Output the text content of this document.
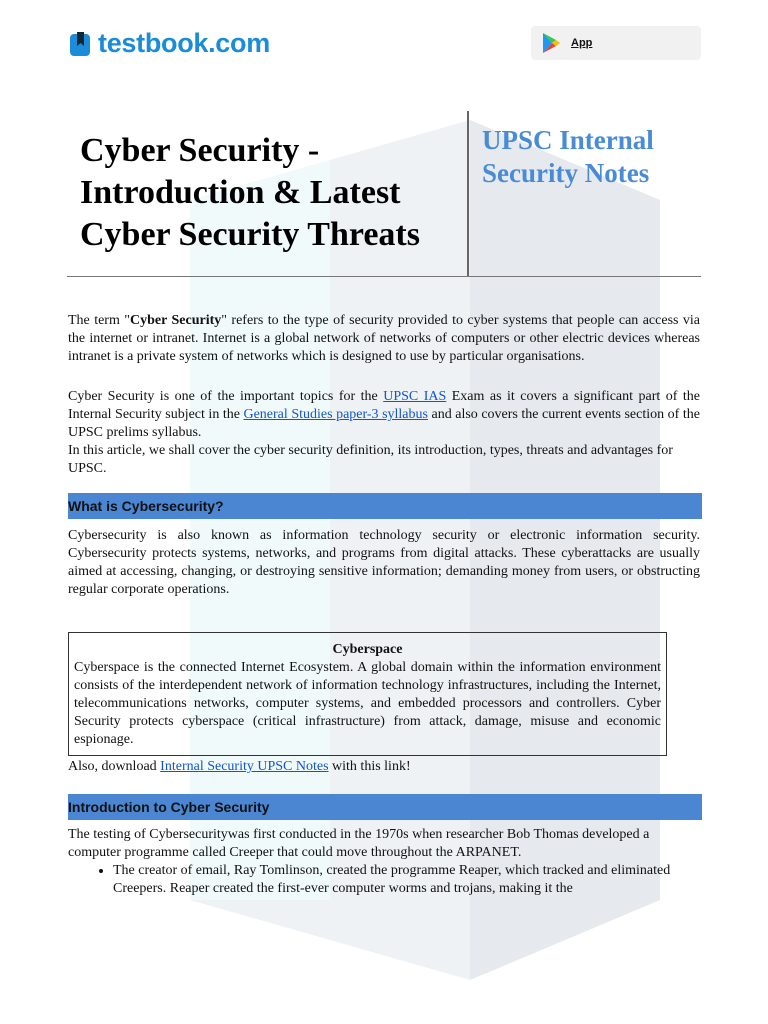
testbook.com	App
Cyber Security - Introduction & Latest Cyber Security Threats
UPSC Internal Security Notes

The term "Cyber Security" refers to the type of security provided to cyber systems that people can access via the internet or intranet. Internet is a global network of networks of computers or other electric devices whereas intranet is a private system of networks which is designed to use by particular organisations.

Cyber Security is one of the important topics for the UPSC IAS Exam as it covers a significant part of the Internal Security subject in the General Studies paper-3 syllabus and also covers the current events section of the UPSC prelims syllabus.

In this article, we shall cover the cyber security definition, its introduction, types, threats and advantages for UPSC.

What is Cybersecurity?

Cybersecurity is also known as information technology security or electronic information security. Cybersecurity protects systems, networks, and programs from digital attacks. These cyberattacks are usually aimed at accessing, changing, or destroying sensitive information; demanding money from users, or obstructing regular corporate operations.

Cyberspace
Cyberspace is the connected Internet Ecosystem. A global domain within the information environment consists of the interdependent network of information technology infrastructures, including the Internet, telecommunications networks, computer systems, and embedded processors and controllers. Cyber Security protects cyberspace (critical infrastructure) from attack, damage, misuse and economic espionage.

Also, download Internal Security UPSC Notes with this link!

Introduction to Cyber Security

The testing of Cybersecuritywas first conducted in the 1970s when researcher Bob Thomas developed a computer programme called Creeper that could move throughout the ARPANET.

• The creator of email, Ray Tomlinson, created the programme Reaper, which tracked and eliminated Creepers. Reaper created the first-ever computer worms and trojans, making it the
